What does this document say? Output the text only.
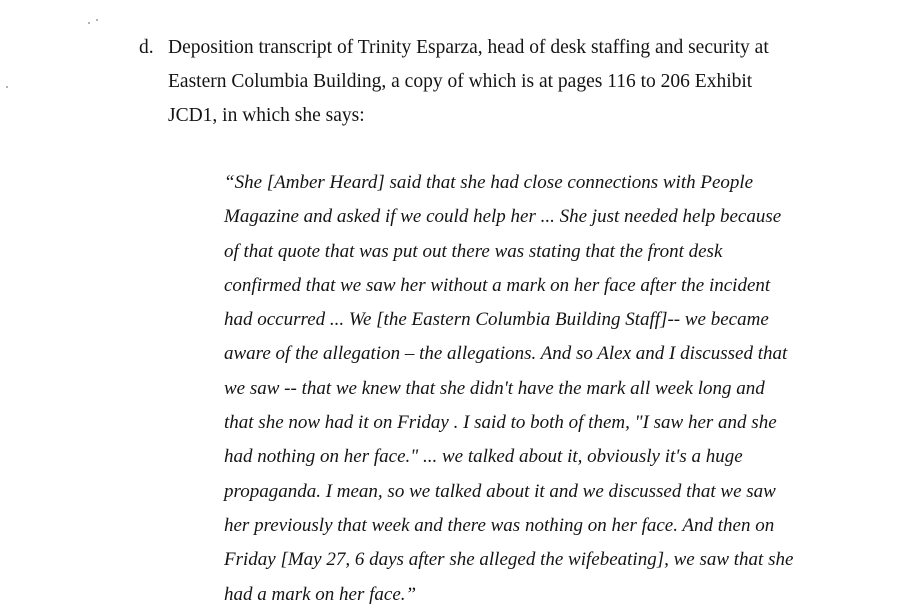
d. Deposition transcript of Trinity Esparza, head of desk staffing and security at
Eastern Columbia Building, a copy of which is at pages 116 to 206 Exhibit
JCD1, in which she says:
“She [Amber Heard] said that she had close connections with People
Magazine and asked if we could help her ... She just needed help because
of that quote that was put out there was stating that the front desk
confirmed that we saw her without a mark on her face after the incident
had occurred ... We [the Eastern Columbia Building Staff]-- we became
aware of the allegation – the allegations. And so Alex and I discussed that
we saw -- that we knew that she didn't have the mark all week long and
that she now had it on Friday . I said to both of them, "I saw her and she
had nothing on her face." ... we talked about it, obviously it's a huge
propaganda. I mean, so we talked about it and we discussed that we saw
her previously that week and there was nothing on her face. And then on
Friday [May 27, 6 days after she alleged the wifebeating], we saw that she
had a mark on her face.”
